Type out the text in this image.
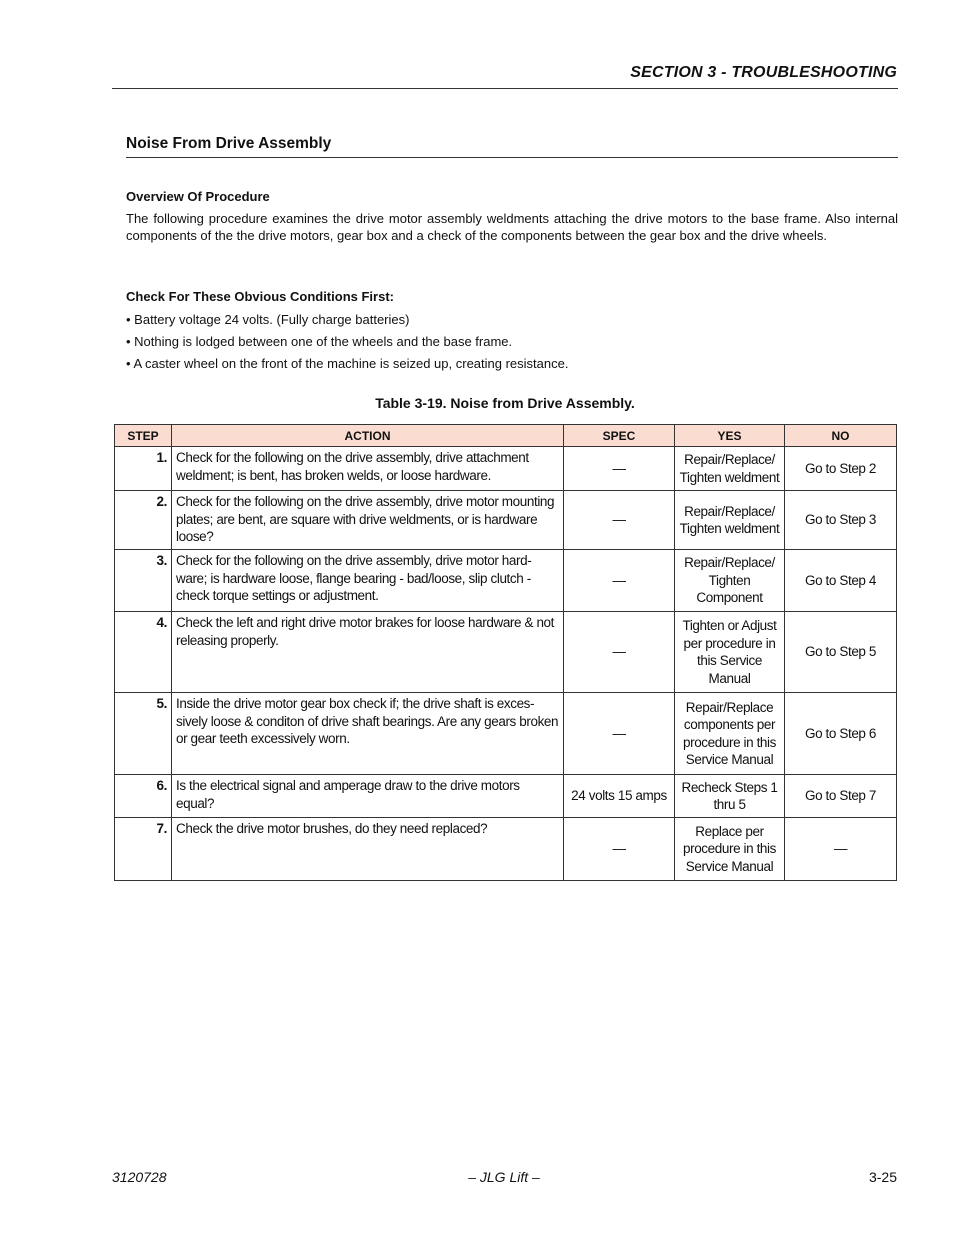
SECTION 3 - TROUBLESHOOTING
Noise From Drive Assembly
Overview Of Procedure
The following procedure examines the drive motor assembly weldments attaching the drive motors to the base frame. Also internal components of the the drive motors, gear box and a check of the components between the gear box and the drive wheels.
Check For These Obvious Conditions First:
• Battery voltage 24 volts. (Fully charge batteries)
• Nothing is lodged between one of the wheels and the base frame.
• A caster wheel on the front of the machine is seized up, creating resistance.
Table 3-19. Noise from Drive Assembly.
STEP	ACTION	SPEC	YES	NO
1.	Check for the following on the drive assembly, drive attachment weldment; is bent, has broken welds, or loose hardware.	—	Repair/Replace/ Tighten weldment	Go to Step 2
2.	Check for the following on the drive assembly, drive motor mounting plates; are bent, are square with drive weldments, or is hardware loose?	—	Repair/Replace/ Tighten weldment	Go to Step 3
3.	Check for the following on the drive assembly, drive motor hard-ware; is hardware loose, flange bearing - bad/loose, slip clutch - check torque settings or adjustment.	—	Repair/Replace/ Tighten Component	Go to Step 4
4.	Check the left and right drive motor brakes for loose hardware & not releasing properly.	—	Tighten or Adjust per procedure in this Service Manual	Go to Step 5
5.	Inside the drive motor gear box check if; the drive shaft is exces-sively loose & conditon of drive shaft bearings. Are any gears broken or gear teeth excessively worn.	—	Repair/Replace components per procedure in this Service Manual	Go to Step 6
6.	Is the electrical signal and amperage draw to the drive motors equal?	24 volts 15 amps	Recheck Steps 1 thru 5	Go to Step 7
7.	Check the drive motor brushes, do they need replaced?	—	Replace per procedure in this Service Manual	—
3120728	– JLG Lift –	3-25
